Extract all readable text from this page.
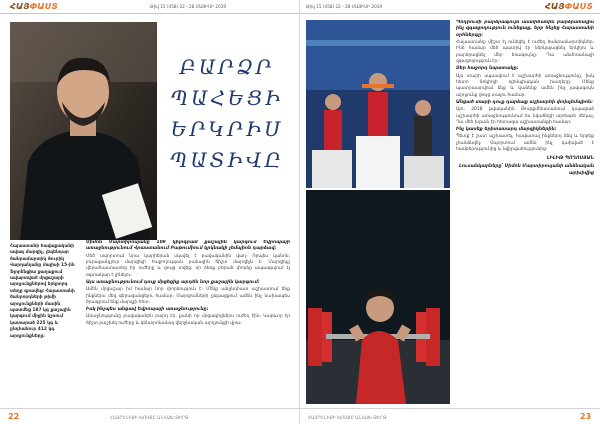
ՀԱՅՓԱՍՏ	Թիվ 15 (458) 22 - 28 ՄԱՅԻՍԻ 2019
ԲԱՐՁՐ
ՊԱՀԵՑԻ
ԵՐԿՐԻՍ
ՊԱՏԻՎԸ
Հայաստանի հավաքականի ավագ մարզիչ, լեգենդար ծանրամարտիկ Յուրիկ Վարդանյանը մայիսի 15-ին Ֆլորենցիա քաղաքում ավարտված մրցաշարի արդյունքներով երկրորդ տեղը գրավեց։ Հայաստանի ծանրորդների թիմի արդյունքների մասին պատմեց 187 կգ քաշային կարգում միջին կշռում կատարած 225 կգ և ընդհանուր 412 կգ արդյունքները։

Սիմոն Մարտիրոսյանը 109 կիլոգրամ քաշային կարգում Եվրոպայի առաջնությունում Վրաստանում Բաթումիում կրկնակի չեմպիոն դարձավ։

Մեծ սպորտում նրա կարիերան սկսվել է բավականին վաղ։ Որպես կանոն, յուրաքանչյուր մարզիկի հաջողության բանալին ճիշտ մարզիչն է։ Մարզիկը վերահաստատեց իր ուժերը և ցույց տվեց, որ ձեռք բերած փորձը ապագայում էլ օգտակար է լինելու։

Այս առաջնությունում դուք մրցեցիք արդեն նոր քաշային կարգում։

Ամեն մրցաշար իմ համար նոր փորձություն է։ Մենք անընդհատ աշխատում ենք ինքներս մեզ գերազանցելու համար։ Մարզումների ընթացքում ամեն ինչ նախապես ծրագրում ենք մարզչի հետ։

Իսկ ինչպես անցավ Եվրոպայի առաջնությունը։

Առաջնությունը բավականին բարդ էր, քանի որ մրցակիցներս ուժեղ էին։ Կարևոր էր ճիշտ բաշխել ուժերը և կենտրոնանալ վերջնական արդյունքի վրա։

22	ՀԱՅՐԵՆԻՔԻ ԽՈՍՔԸ ԱՆԿԱԽ ԹԵՐԹ
Թիվ 15 (458) 22 - 28 ՄԱՅԻՍԻ 2019	ՀԱՅՓԱՍՏ

Պոդիումի բարձրագույն աստիճանին բարձրանալիս ինչ զգացողություն ունեցաք, երբ հնչեց Հայաստանի օրհներգը։

Հայաստանը միշտ էլ ունեցել է ուժեղ ծանրամարտիկներ։ Ինձ համար մեծ պատիվ էր ներկայացնել երկիրս և բարձրացնել մեր եռագույնը։ Դա անմոռանալի զգացողություն էր։

Ձեր հաջորդ նպատակը։

Այս տարի սպասվում է աշխարհի առաջնությունը, իսկ հետո Տոկիոյի օլիմպիական խաղերը։ Մենք պատրաստվում ենք և կանենք ամեն ինչ լավագույն արդյունք ցույց տալու համար։

Անցած տարի դուք դարձաք աշխարհի փոխչեմպիոն։

Այո, 2018 թվականին Թուրքմենստանում կայացած աշխարհի առաջնությունում ես նվաճեցի արծաթե մեդալ։ Դա մեծ խթան էր հետագա աշխատանքի համար։

Ինչ կասեք երիտասարդ մարզիկներին։

Պետք է շատ աշխատել, հավատալ ինքներդ ձեզ և երբեք չհանձնվել։ Սպորտում ամեն ինչ կախված է համբերությունից և նվիրվածությունից։

ԼԻԼԻԹ ՊՈՂՈՍՅԱՆ

Լուսանկարները՝ Սիմոն Մարտիրոսյանի անձնական արխիվից

ՀԱՅՐԵՆԻՔԻ ԽՈՍՔԸ ԱՆԿԱԽ ԹԵՐԹ	23
